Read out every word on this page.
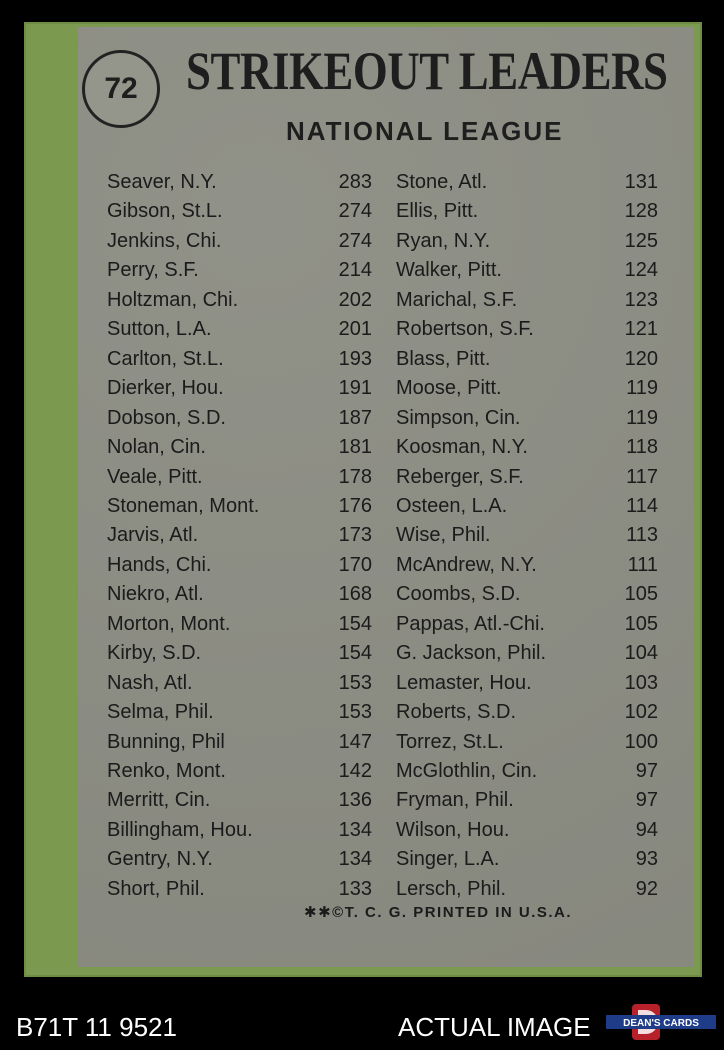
72 STRIKEOUT LEADERS
NATIONAL LEAGUE
Seaver, N.Y.	283
Gibson, St.L.	274
Jenkins, Chi.	274
Perry, S.F.	214
Holtzman, Chi.	202
Sutton, L.A.	201
Carlton, St.L.	193
Dierker, Hou.	191
Dobson, S.D.	187
Nolan, Cin.	181
Veale, Pitt.	178
Stoneman, Mont.	176
Jarvis, Atl.	173
Hands, Chi.	170
Niekro, Atl.	168
Morton, Mont.	154
Kirby, S.D.	154
Nash, Atl.	153
Selma, Phil.	153
Bunning, Phil	147
Renko, Mont.	142
Merritt, Cin.	136
Billingham, Hou.	134
Gentry, N.Y.	134
Short, Phil.	133
Stone, Atl.	131
Ellis, Pitt.	128
Ryan, N.Y.	125
Walker, Pitt.	124
Marichal, S.F.	123
Robertson, S.F.	121
Blass, Pitt.	120
Moose, Pitt.	119
Simpson, Cin.	119
Koosman, N.Y.	118
Reberger, S.F.	117
Osteen, L.A.	114
Wise, Phil.	113
McAndrew, N.Y.	111
Coombs, S.D.	105
Pappas, Atl.-Chi.	105
G. Jackson, Phil.	104
Lemaster, Hou.	103
Roberts, S.D.	102
Torrez, St.L.	100
McGlothlin, Cin.	97
Fryman, Phil.	97
Wilson, Hou.	94
Singer, L.A.	93
Lersch, Phil.	92
✱✱©T. C. G. PRINTED IN U.S.A.
B71T 11 9521	ACTUAL IMAGE	DEAN'S CARDS
